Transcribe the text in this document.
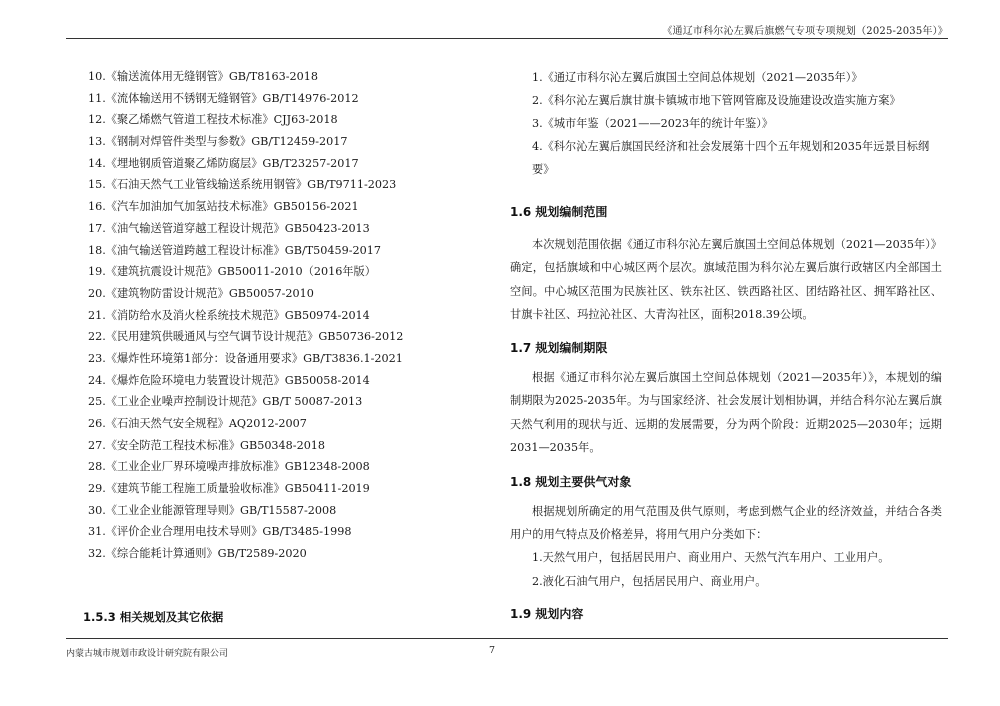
《通辽市科尔沁左翼后旗燃气专项专项规划（2025-2035年）》
10.《输送流体用无缝钢管》GB/T8163-2018
11.《流体输送用不锈钢无缝钢管》GB/T14976-2012
12.《聚乙烯燃气管道工程技术标准》CJJ63-2018
13.《钢制对焊管件类型与参数》GB/T12459-2017
14.《埋地钢质管道聚乙烯防腐层》GB/T23257-2017
15.《石油天然气工业管线输送系统用钢管》GB/T9711-2023
16.《汽车加油加气加氢站技术标准》GB50156-2021
17.《油气输送管道穿越工程设计规范》GB50423-2013
18.《油气输送管道跨越工程设计标准》GB/T50459-2017
19.《建筑抗震设计规范》GB50011-2010（2016年版）
20.《建筑物防雷设计规范》GB50057-2010
21.《消防给水及消火栓系统技术规范》GB50974-2014
22.《民用建筑供暖通风与空气调节设计规范》GB50736-2012
23.《爆炸性环境第1部分：设备通用要求》GB/T3836.1-2021
24.《爆炸危险环境电力装置设计规范》GB50058-2014
25.《工业企业噪声控制设计规范》GB/T 50087-2013
26.《石油天然气安全规程》AQ2012-2007
27.《安全防范工程技术标准》GB50348-2018
28.《工业企业厂界环境噪声排放标准》GB12348-2008
29.《建筑节能工程施工质量验收标准》GB50411-2019
30.《工业企业能源管理导则》GB/T15587-2008
31.《评价企业合理用电技术导则》GB/T3485-1998
32.《综合能耗计算通则》GB/T2589-2020
1.5.3 相关规划及其它依据
1.《通辽市科尔沁左翼后旗国土空间总体规划（2021—2035年）》
2.《科尔沁左翼后旗甘旗卡镇城市地下管网管廊及设施建设改造实施方案》
3.《城市年鉴（2021——2023年的统计年鉴）》
4.《科尔沁左翼后旗国民经济和社会发展第十四个五年规划和2035年远景目标纲要》
1.6 规划编制范围
本次规划范围依据《通辽市科尔沁左翼后旗国土空间总体规划（2021—2035年）》确定，包括旗域和中心城区两个层次。旗域范围为科尔沁左翼后旗行政辖区内全部国土空间。中心城区范围为民族社区、铁东社区、铁西路社区、团结路社区、拥军路社区、甘旗卡社区、玛拉沁社区、大青沟社区，面积2018.39公顷。
1.7 规划编制期限
根据《通辽市科尔沁左翼后旗国土空间总体规划（2021—2035年）》，本规划的编制期限为2025-2035年。为与国家经济、社会发展计划相协调，并结合科尔沁左翼后旗天然气利用的现状与近、远期的发展需要，分为两个阶段：近期2025—2030年；远期2031—2035年。
1.8 规划主要供气对象
根据规划所确定的用气范围及供气原则，考虑到燃气企业的经济效益，并结合各类用户的用气特点及价格差异，将用气用户分类如下：
1.天然气用户，包括居民用户、商业用户、天然气汽车用户、工业用户。
2.液化石油气用户，包括居民用户、商业用户。
1.9 规划内容
内蒙古城市规划市政设计研究院有限公司	7
